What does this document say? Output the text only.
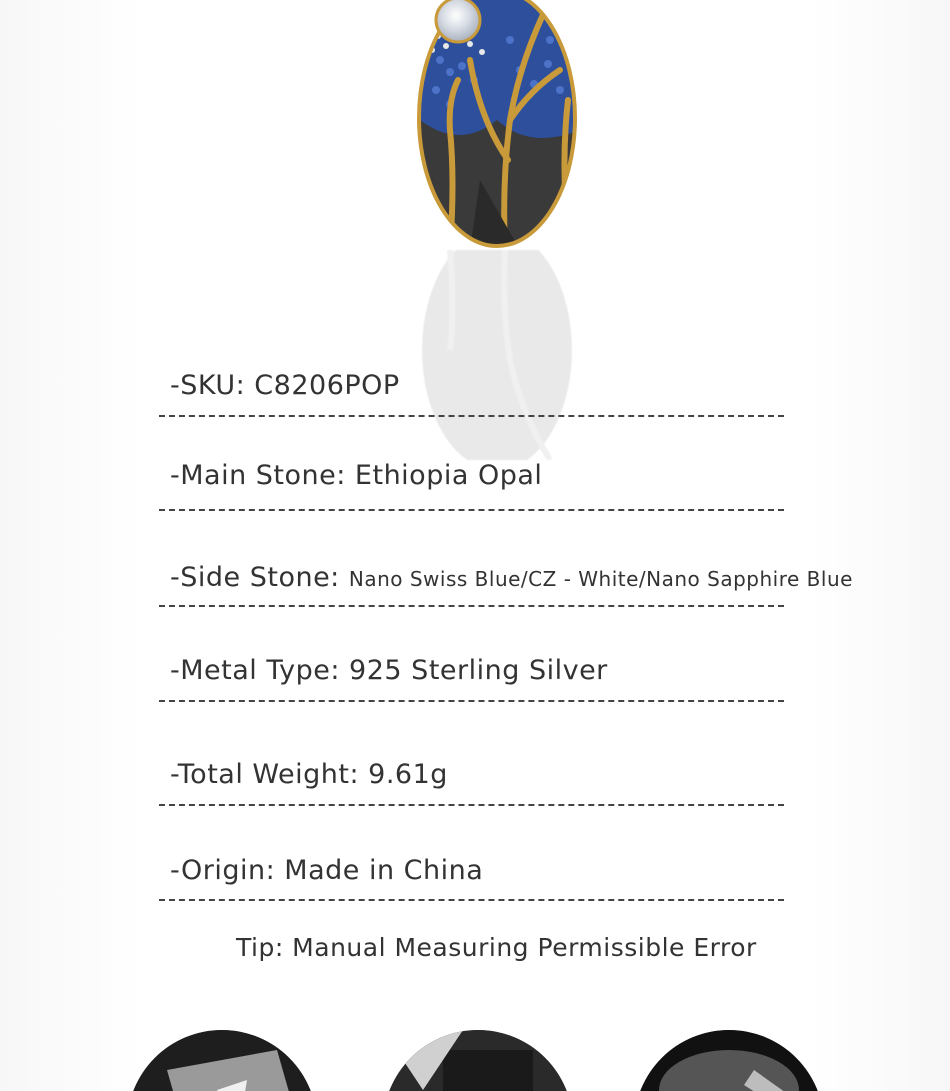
-SKU: C8206POP
-Main Stone: Ethiopia Opal
-Side Stone: Nano Swiss Blue/CZ - White/Nano Sapphire Blue
-Metal Type: 925 Sterling Silver
-Total Weight: 9.61g
-Origin: Made in China
Tip: Manual Measuring Permissible Error
